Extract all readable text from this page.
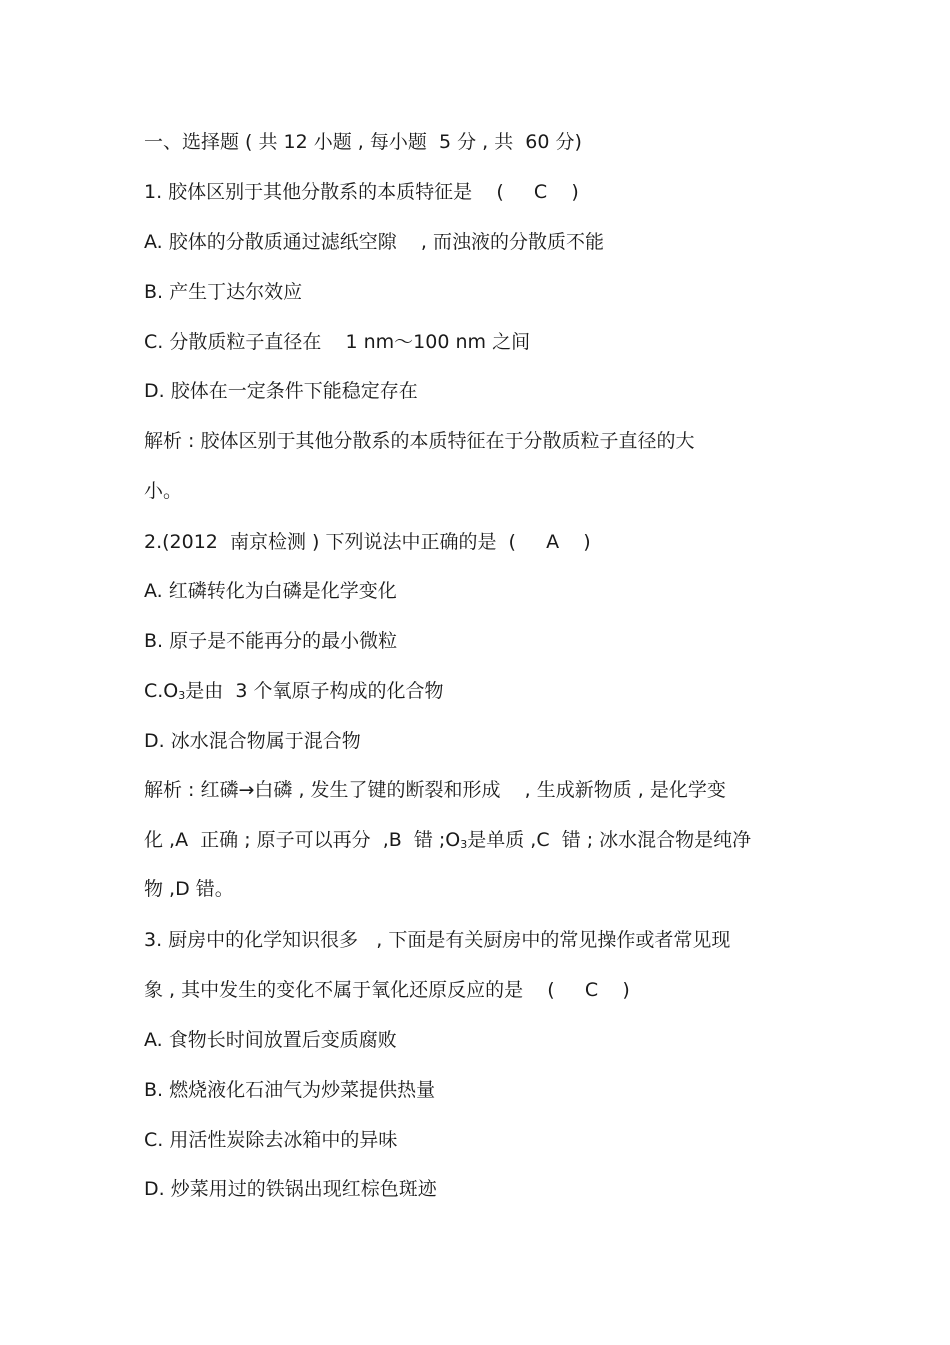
一、选择题 ( 共 12 小题 , 每小题  5 分 , 共  60 分)
1. 胶体区别于其他分散系的本质特征是    (     C    )
A. 胶体的分散质通过滤纸空隙    , 而浊液的分散质不能
B. 产生丁达尔效应
C. 分散质粒子直径在    1 nm～100 nm 之间
D. 胶体在一定条件下能稳定存在
解析 : 胶体区别于其他分散系的本质特征在于分散质粒子直径的大
小。
2.(2012  南京检测 ) 下列说法中正确的是  (     A    )
A. 红磷转化为白磷是化学变化
B. 原子是不能再分的最小微粒
C.O3是由  3 个氧原子构成的化合物
D. 冰水混合物属于混合物
解析 : 红磷→白磷 , 发生了键的断裂和形成    , 生成新物质 , 是化学变
化 ,A  正确 ; 原子可以再分  ,B  错 ;O3是单质 ,C  错 ; 冰水混合物是纯净
物 ,D 错。
3. 厨房中的化学知识很多   , 下面是有关厨房中的常见操作或者常见现
象 , 其中发生的变化不属于氧化还原反应的是    (     C    )
A. 食物长时间放置后变质腐败
B. 燃烧液化石油气为炒菜提供热量
C. 用活性炭除去冰箱中的异味
D. 炒菜用过的铁锅出现红棕色斑迹
